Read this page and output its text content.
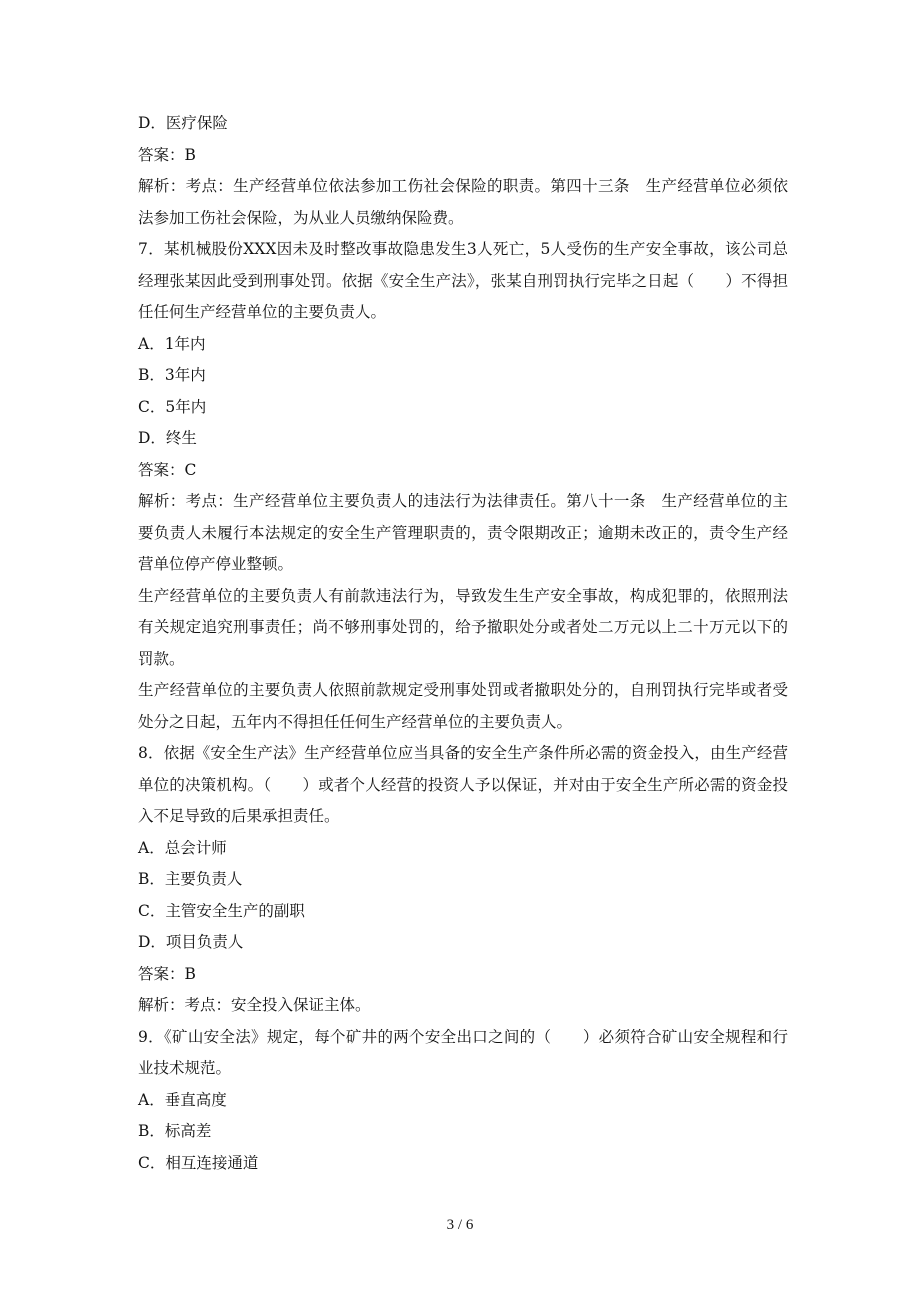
D．医疗保险

答案：B

解析：考点：生产经营单位依法参加工伤社会保险的职责。第四十三条　生产经营单位必须依法参加工伤社会保险，为从业人员缴纳保险费。

7．某机械股份XXX因未及时整改事故隐患发生3人死亡，5人受伤的生产安全事故，该公司总经理张某因此受到刑事处罚。依据《安全生产法》，张某自刑罚执行完毕之日起（　　）不得担任任何生产经营单位的主要负责人。

A．1年内

B．3年内

C．5年内

D．终生

答案：C

解析：考点：生产经营单位主要负责人的违法行为法律责任。第八十一条　生产经营单位的主要负责人未履行本法规定的安全生产管理职责的，责令限期改正；逾期未改正的，责令生产经营单位停产停业整顿。

生产经营单位的主要负责人有前款违法行为，导致发生生产安全事故，构成犯罪的，依照刑法有关规定追究刑事责任；尚不够刑事处罚的，给予撤职处分或者处二万元以上二十万元以下的罚款。

生产经营单位的主要负责人依照前款规定受刑事处罚或者撤职处分的，自刑罚执行完毕或者受处分之日起，五年内不得担任任何生产经营单位的主要负责人。

8．依据《安全生产法》生产经营单位应当具备的安全生产条件所必需的资金投入，由生产经营单位的决策机构。（　　）或者个人经营的投资人予以保证，并对由于安全生产所必需的资金投入不足导致的后果承担责任。

A．总会计师

B．主要负责人

C．主管安全生产的副职

D．项目负责人

答案：B

解析：考点：安全投入保证主体。

9．《矿山安全法》规定，每个矿井的两个安全出口之间的（　　）必须符合矿山安全规程和行业技术规范。

A．垂直高度

B．标高差

C．相互连接通道

3 / 6
